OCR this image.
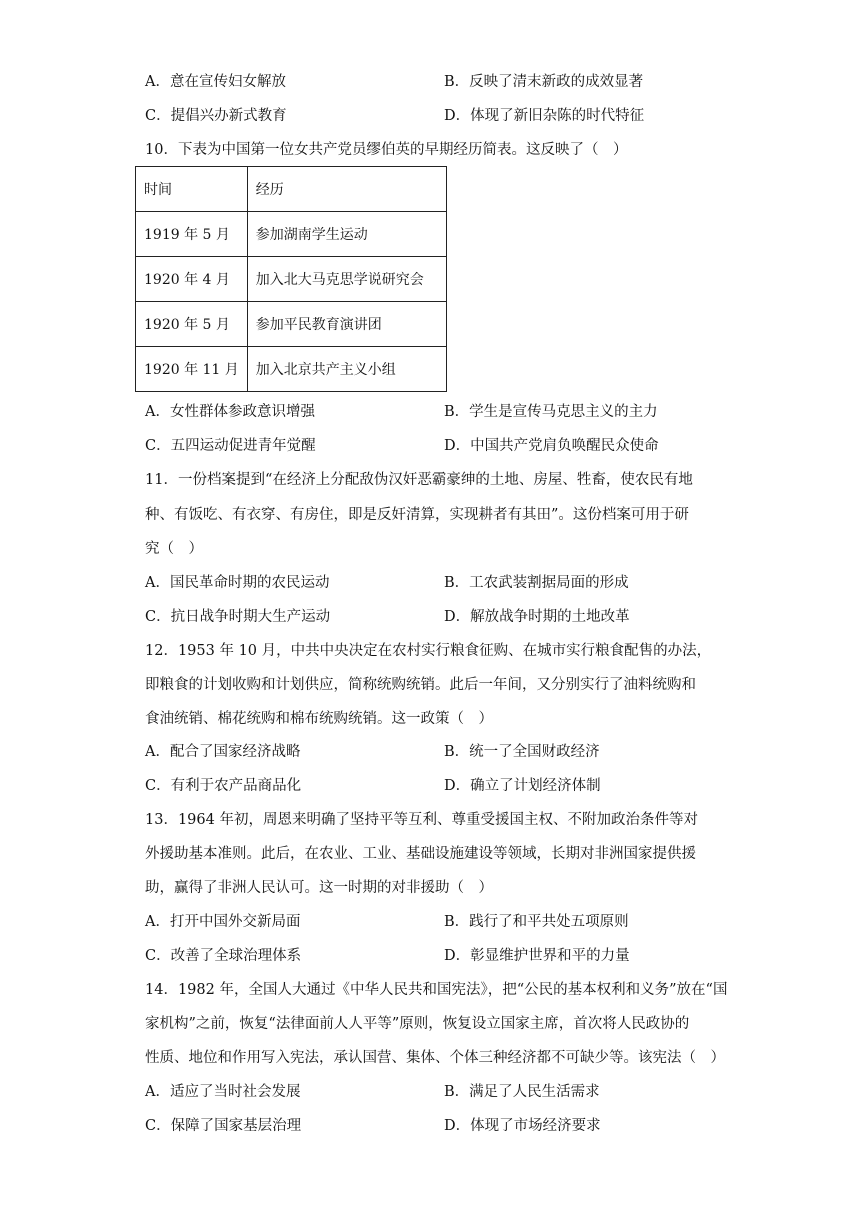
A．意在宣传妇女解放	B．反映了清末新政的成效显著
C．提倡兴办新式教育	D．体现了新旧杂陈的时代特征
10．下表为中国第一位女共产党员缪伯英的早期经历简表。这反映了（　）
时间	经历
1919 年 5 月	参加湖南学生运动
1920 年 4 月	加入北大马克思学说研究会
1920 年 5 月	参加平民教育演讲团
1920 年 11 月	加入北京共产主义小组
A．女性群体参政意识增强	B．学生是宣传马克思主义的主力
C．五四运动促进青年觉醒	D．中国共产党肩负唤醒民众使命
11．一份档案提到“在经济上分配敌伪汉奸恶霸豪绅的土地、房屋、牲畜，使农民有地
种、有饭吃、有衣穿、有房住，即是反奸清算，实现耕者有其田”。这份档案可用于研
究（　）
A．国民革命时期的农民运动	B．工农武装割据局面的形成
C．抗日战争时期大生产运动	D．解放战争时期的土地改革
12．1953 年 10 月，中共中央决定在农村实行粮食征购、在城市实行粮食配售的办法，
即粮食的计划收购和计划供应，简称统购统销。此后一年间，又分别实行了油料统购和
食油统销、棉花统购和棉布统购统销。这一政策（　）
A．配合了国家经济战略	B．统一了全国财政经济
C．有利于农产品商品化	D．确立了计划经济体制
13．1964 年初，周恩来明确了坚持平等互利、尊重受援国主权、不附加政治条件等对
外援助基本准则。此后，在农业、工业、基础设施建设等领域，长期对非洲国家提供援
助，赢得了非洲人民认可。这一时期的对非援助（　）
A．打开中国外交新局面	B．践行了和平共处五项原则
C．改善了全球治理体系	D．彰显维护世界和平的力量
14．1982 年，全国人大通过《中华人民共和国宪法》，把“公民的基本权利和义务”放在“国
家机构”之前，恢复“法律面前人人平等”原则，恢复设立国家主席，首次将人民政协的
性质、地位和作用写入宪法，承认国营、集体、个体三种经济都不可缺少等。该宪法（　）
A．适应了当时社会发展	B．满足了人民生活需求
C．保障了国家基层治理	D．体现了市场经济要求
